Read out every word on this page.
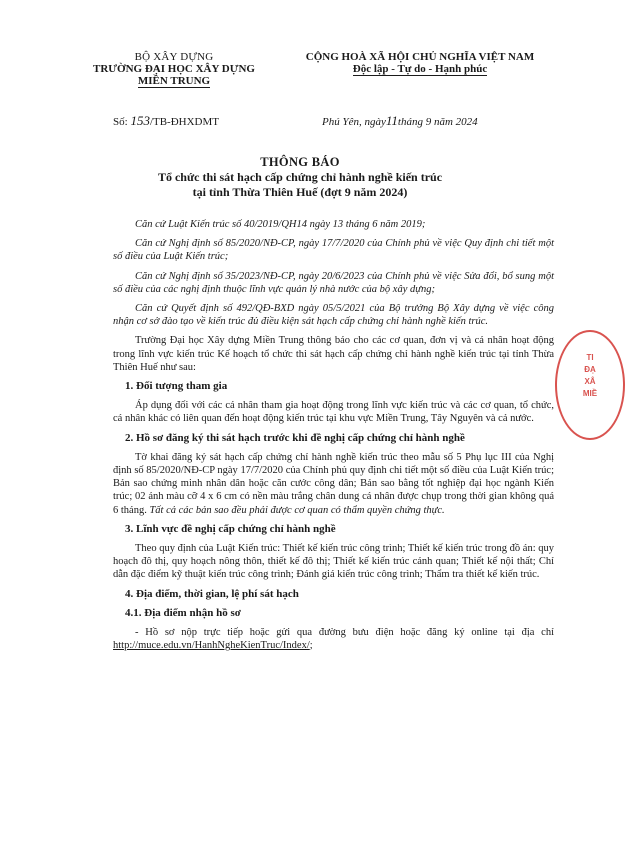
BỘ XÂY DỰNG
TRƯỜNG ĐẠI HỌC XÂY DỰNG
MIỀN TRUNG
CỘNG HOÀ XÃ HỘI CHỦ NGHĨA VIỆT NAM
Độc lập - Tự do - Hạnh phúc
Số: 153/TB-ĐHXDMT	Phú Yên, ngày11tháng 9 năm 2024
THÔNG BÁO
Tổ chức thi sát hạch cấp chứng chỉ hành nghề kiến trúc
tại tỉnh Thừa Thiên Huế (đợt 9 năm 2024)

Căn cứ Luật Kiến trúc số 40/2019/QH14 ngày 13 tháng 6 năm 2019;

Căn cứ Nghị định số 85/2020/NĐ-CP, ngày 17/7/2020 của Chính phủ về việc Quy định chi tiết một số điều của Luật Kiến trúc;

Căn cứ Nghị định số 35/2023/NĐ-CP, ngày 20/6/2023 của Chính phủ về việc Sửa đổi, bổ sung một số điều của các nghị định thuộc lĩnh vực quản lý nhà nước của bộ xây dựng;

Căn cứ Quyết định số 492/QĐ-BXD ngày 05/5/2021 của Bộ trưởng Bộ Xây dựng về việc công nhận cơ sở đào tạo về kiến trúc đủ điều kiện sát hạch cấp chứng chỉ hành nghề kiến trúc.

Trường Đại học Xây dựng Miền Trung thông báo cho các cơ quan, đơn vị và cá nhân hoạt động trong lĩnh vực kiến trúc Kế hoạch tổ chức thi sát hạch cấp chứng chỉ hành nghề kiến trúc tại tỉnh Thừa Thiên Huế như sau:

1. Đối tượng tham gia

Áp dụng đối với các cá nhân tham gia hoạt động trong lĩnh vực kiến trúc và các cơ quan, tổ chức, cá nhân khác có liên quan đến hoạt động kiến trúc tại khu vực Miền Trung, Tây Nguyên và cả nước.

2. Hồ sơ đăng ký thi sát hạch trước khi đề nghị cấp chứng chỉ hành nghề

Tờ khai đăng ký sát hạch cấp chứng chỉ hành nghề kiến trúc theo mẫu số 5 Phụ lục III của Nghị định số 85/2020/NĐ-CP ngày 17/7/2020 của Chính phủ quy định chi tiết một số điều của Luật Kiến trúc; Bản sao chứng minh nhân dân hoặc căn cước công dân; Bản sao bằng tốt nghiệp đại học ngành Kiến trúc; 02 ảnh màu cỡ 4 x 6 cm có nền màu trắng chân dung cá nhân được chụp trong thời gian không quá 6 tháng. Tất cả các bản sao đều phải được cơ quan có thẩm quyền chứng thực.

3. Lĩnh vực đề nghị cấp chứng chỉ hành nghề

Theo quy định của Luật Kiến trúc: Thiết kế kiến trúc công trình; Thiết kế kiến trúc trong đồ án: quy hoạch đô thị, quy hoạch nông thôn, thiết kế đô thị; Thiết kế kiến trúc cảnh quan; Thiết kế nội thất; Chỉ dẫn đặc điểm kỹ thuật kiến trúc công trình; Đánh giá kiến trúc công trình; Thẩm tra thiết kế kiến trúc.

4. Địa điểm, thời gian, lệ phí sát hạch
4.1. Địa điểm nhận hồ sơ

- Hồ sơ nộp trực tiếp hoặc gửi qua đường bưu điện hoặc đăng ký online tại địa chỉ http://muce.edu.vn/HanhNgheKienTruc/Index/;

TI
ĐẠ
XÂ
MIỀ
